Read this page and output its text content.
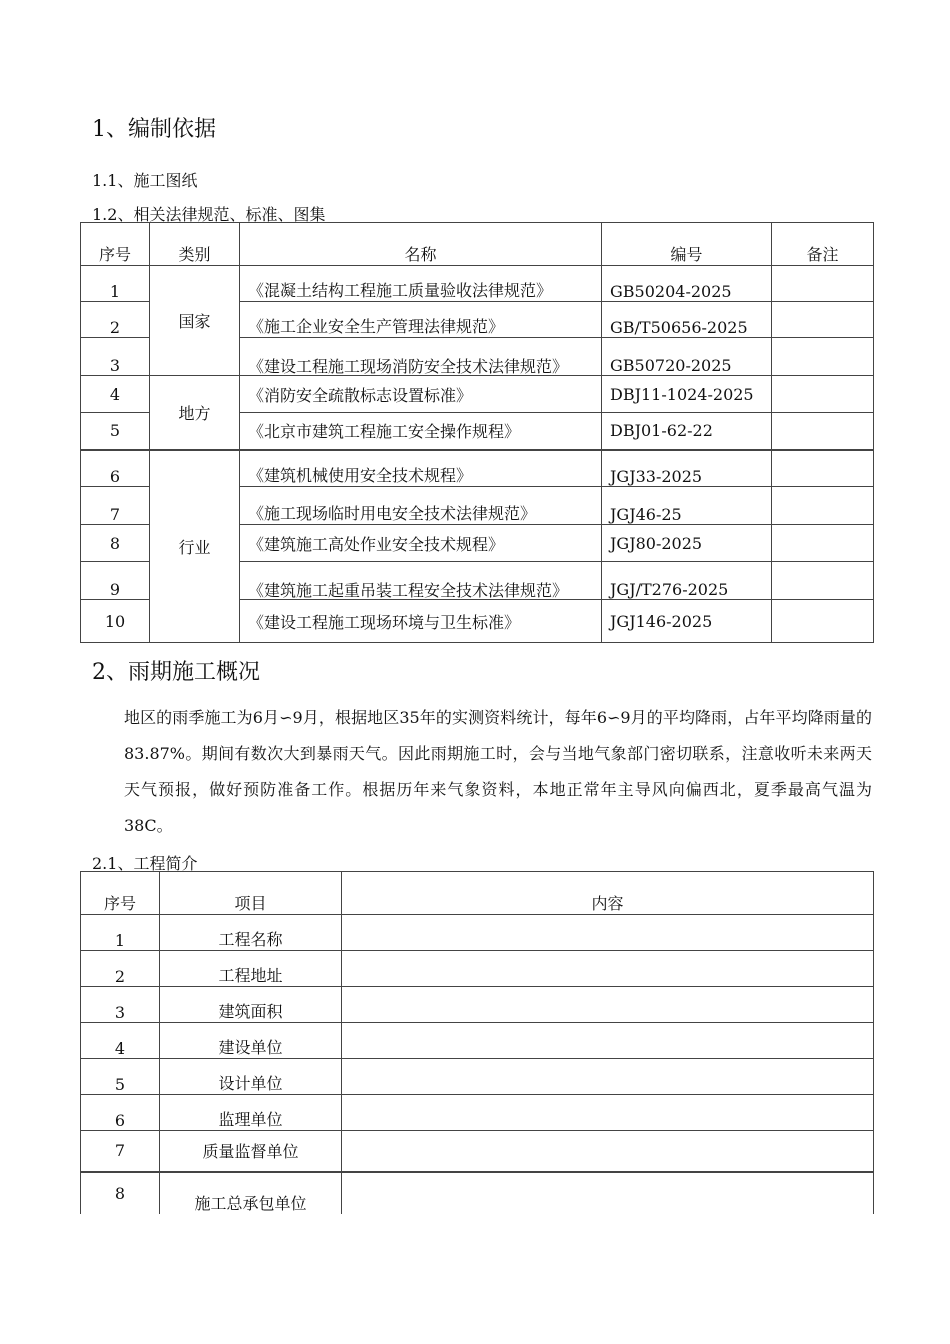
1、编制依据
1.1、施工图纸
1.2、相关法律规范、标准、图集
序号	类别	名称	编号	备注
1	国家	《混凝土结构工程施工质量验收法律规范》	GB50204-2025	
2		《施工企业安全生产管理法律规范》	GB/T50656-2025	
3		《建设工程施工现场消防安全技术法律规范》	GB50720-2025	
4	地方	《消防安全疏散标志设置标准》	DBJ11-1024-2025	
5		《北京市建筑工程施工安全操作规程》	DBJ01-62-22	
6	行业	《建筑机械使用安全技术规程》	JGJ33-2025	
7		《施工现场临时用电安全技术法律规范》	JGJ46-25	
8		《建筑施工高处作业安全技术规程》	JGJ80-2025	
9		《建筑施工起重吊装工程安全技术法律规范》	JGJ/T276-2025	
10		《建设工程施工现场环境与卫生标准》	JGJ146-2025	
2、雨期施工概况
地区的雨季施工为6月∽9月，根据地区35年的实测资料统计，每年6∽9月的平均降雨，占年平均降雨量的83.87%。期间有数次大到暴雨天气。因此雨期施工时，会与当地气象部门密切联系，注意收听未来两天天气预报，做好预防准备工作。根据历年来气象资料，本地正常年主导风向偏西北，夏季最高气温为38C。
2.1、工程简介
序号	项目	内容
1	工程名称	
2	工程地址	
3	建筑面积	
4	建设单位	
5	设计单位	
6	监理单位	
7	质量监督单位	
8	施工总承包单位	
